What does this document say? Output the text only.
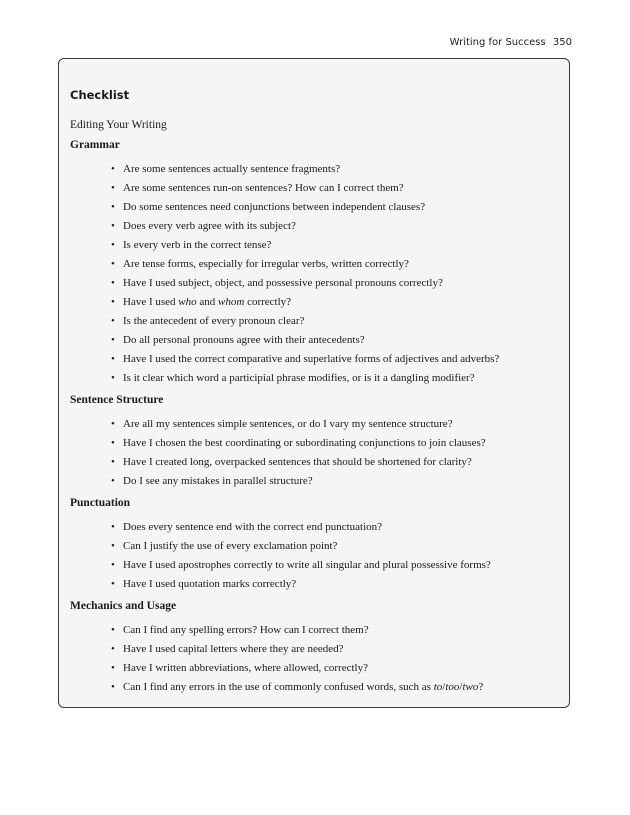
Writing for Success 350
Checklist
Editing Your Writing
Grammar
• Are some sentences actually sentence fragments?
• Are some sentences run-on sentences? How can I correct them?
• Do some sentences need conjunctions between independent clauses?
• Does every verb agree with its subject?
• Is every verb in the correct tense?
• Are tense forms, especially for irregular verbs, written correctly?
• Have I used subject, object, and possessive personal pronouns correctly?
• Have I used who and whom correctly?
• Is the antecedent of every pronoun clear?
• Do all personal pronouns agree with their antecedents?
• Have I used the correct comparative and superlative forms of adjectives and adverbs?
• Is it clear which word a participial phrase modifies, or is it a dangling modifier?
Sentence Structure
• Are all my sentences simple sentences, or do I vary my sentence structure?
• Have I chosen the best coordinating or subordinating conjunctions to join clauses?
• Have I created long, overpacked sentences that should be shortened for clarity?
• Do I see any mistakes in parallel structure?
Punctuation
• Does every sentence end with the correct end punctuation?
• Can I justify the use of every exclamation point?
• Have I used apostrophes correctly to write all singular and plural possessive forms?
• Have I used quotation marks correctly?
Mechanics and Usage
• Can I find any spelling errors? How can I correct them?
• Have I used capital letters where they are needed?
• Have I written abbreviations, where allowed, correctly?
• Can I find any errors in the use of commonly confused words, such as to/too/two?
